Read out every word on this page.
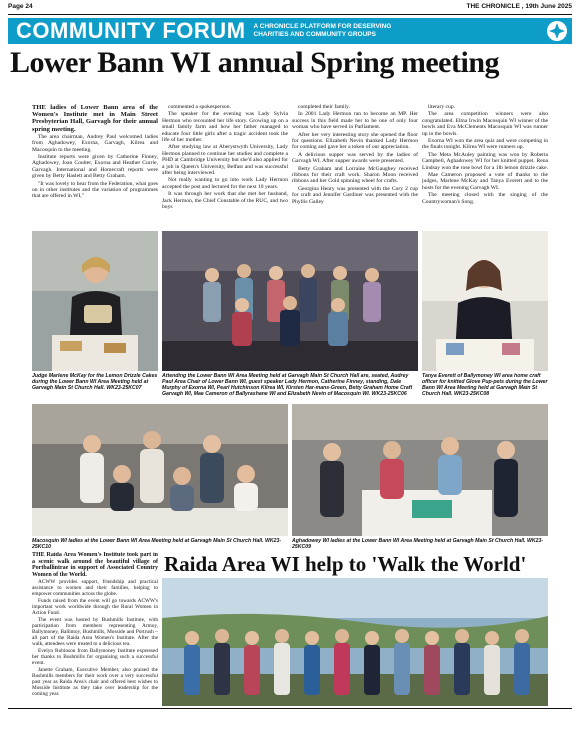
Page 24	THE CHRONICLE , 19th June 2025
COMMUNITY FORUM A CHRONICLE PLATFORM FOR DESERVING CHARITIES AND COMMUNITY GROUPS
Lower Bann WI annual Spring meeting

THE ladies of Lower Bann area of the Women's Institute met in Main Street Presbyterian Hall, Garvagh for their annual spring meeting.

The area chairman, Audrey Paul welcomed ladies from Aghadowey, Exorna, Garvagh, Kilrea and Macosquin to the meeting.

Institute reports were given by Catherine Finney, Aghadowey, Joan Coulter, Exorna and Heather Currie, Garvagh. International and Homecraft reports were given by Betty Haslett and Betty Graham.

"It was lovely to hear from the Federation, what goes on in other institutes and the variation of programmes that are offered in WI,"

commented a spokesperson.

The speaker for the evening was Lady Sylvia Hermon who recounted her life story. Growing up on a small family farm and how her father managed to educate four little girls after a tragic accident took the life of her mother.

After studying law at Aberystwyth University, Lady Hermon planned to continue her studies and complete a PHD at Cambridge University but she'd also applied for a job in Queen's University, Belfast and was successful after being interviewed.

Not really wanting to go into work Lady Hermon accepted the post and lectured for the next 10 years.

It was through her work that she met her husband, Jack Hermon, the Chief Constable of the RUC, and two boys

completed their family.

In 2001 Lady Hermon ran to become an MP. Her success in this field made her to be one of only four woman who have served in Parliament.

After her very interesting story she opened the floor for questions. Elizabeth Nevin thanked Lady Hermon for coming and gave her a token of our appreciation.

A delicious supper was served by the ladies of Garvagh WI. After supper awards were presented.

Betty Graham and Lorraine McGaughey received ribbons for their craft work. Sharon Moon received ribbons and her Gold spinning wheel for crafts.

Georgina Henry was presented with the Cory 2 cup for craft and Jennifer Gardiner was presented with the Phyllis Gailey

literary cup.

The area competition winners were also congratulated. Elma Irwin Macosquin WI winner of the bowls and Eva McClements Macosquin WI was runner up in the bowls.

Exorna WI won the area quiz and were competing in the finals tonight. Kilrea WI were runners up.

The Meta McAuley painting was won by Roberta Campbell, Aghadowey WI for her knitted puppet. Rena Lindsay won the rose bowl for a 1lb lemon drizzle cake.

Mae Cameron proposed a vote of thanks to the judges, Marlene McKay and Tanya Everett and to the hosts for the evening Garvagh WI.

The meeting closed with the singing of the Countrywoman's Song.

Judge Marlene McKay for the Lemon Drizzle Cakes during the Lower Bann WI Area Meeting held at Garvagh Main St Church Hall. WK23-25KC07
Attending the Lower Bann WI Area Meeting held at Garvagh Main St Church Hall are, seated, Audrey Paul Area Chair of Lower Bann WI, guest speaker Lady Hermon, Catherine Finney, standing, Dale Murphy of Exorna WI, Pearl Hutchinson Kilrea WI, Kirsten Har-mans-Green, Betty Graham Home Craft Garvagh WI, Mae Cameron of Ballyrashane WI and Elizabeth Nevin of Macosquin WI. WK23-25KC06
Tanya Everett of Ballymoney WI area home craft officer for knitted Glove Pup-pets during the Lower Bann WI Area Meeting held at Garvagh Main St Church Hall. WK23-25KC08
Macosquin WI ladies at the Lower Bann WI Area Meeting held at Garvagh Main St Church Hall. WK23-25KC10
Aghadowey WI ladies at the Lower Bann WI Area Meeting held at Garvagh Main St Church Hall. WK23-25KC09

THE Raida Area Women's Institute took part in a scenic walk around the beautiful village of Portballintrae in support of Associated Country Women of the World.

ACWW provides support, friendship and practical assistance to women and their families, helping to empower communities across the globe.

Funds raised from the event will go towards ACWW's important work worldwide through the Rural Women in Action Fund.

The event was hosted by Bushmills Institute, with participation from members representing Armoy, Ballymoney, Ballintoy, Bushmills, Mosside and Portrush – all part of the Raida Area Women's Institute. After the walk, attendees were treated to a delicious tea.

Evelyn Robinson from Ballymoney Institute expressed her thanks to Bushmills for organising such a successful event.

Janette Graham, Executive Member, also praised the Bushmills members for their work over a very successful past year as Raida Area's chair and offered best wishes to Mosside Institute as they take over leadership for the coming year.

Raida Area WI help to 'Walk the World'
